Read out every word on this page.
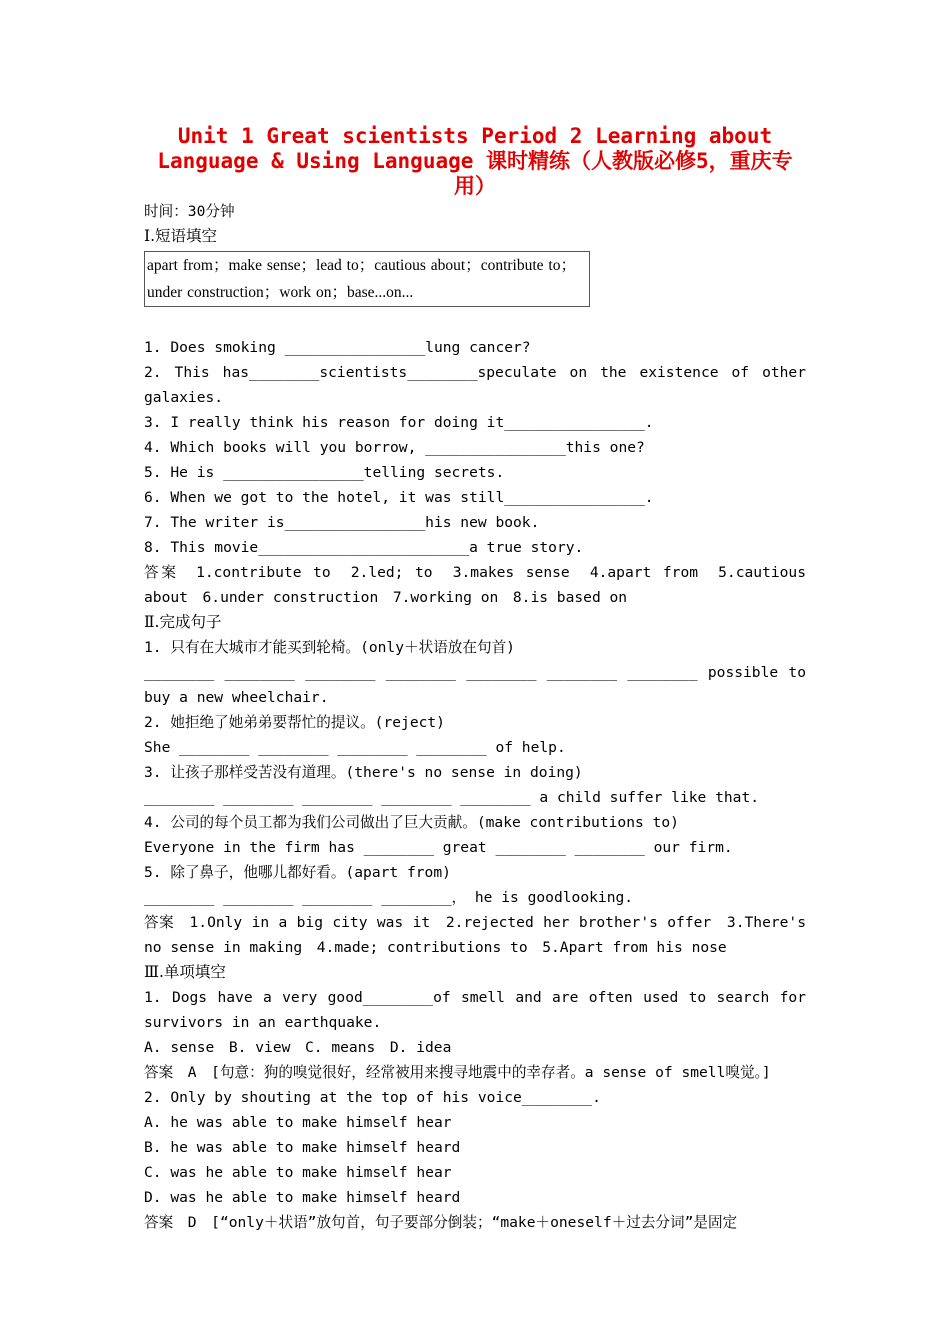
Unit 1 Great scientists Period 2 Learning about Language & Using Language 课时精练（人教版必修5，重庆专用）

时间：30分钟

Ⅰ.短语填空

apart from；make sense；lead to；cautious about；contribute to；under construction；work on；base...on...

1. Does smoking ________________lung cancer?

2. This has________scientists________speculate on the existence of other galaxies.

3. I really think his reason for doing it________________.

4. Which books will you borrow, ________________this one?

5. He is ________________telling secrets.

6. When we got to the hotel, it was still________________.

7. The writer is________________his new book.

8. This movie________________________a true story.

答案　1.contribute to　2.led; to　3.makes sense　4.apart from　5.cautious about　6.under construction　7.working on　8.is based on

Ⅱ.完成句子

1. 只有在大城市才能买到轮椅。(only＋状语放在句首)

________ ________ ________ ________ ________ ________ ________ possible to buy a new wheelchair.

2. 她拒绝了她弟弟要帮忙的提议。(reject)

She ________ ________ ________ ________ of help.

3. 让孩子那样受苦没有道理。(there's no sense in doing)

________ ________ ________ ________ ________ a child suffer like that.

4. 公司的每个员工都为我们公司做出了巨大贡献。(make contributions to)

Everyone in the firm has ________ great ________ ________ our firm.

5. 除了鼻子，他哪儿都好看。(apart from)

________ ________ ________ ________， he is goodlooking.

答案　1.Only in a big city was it　2.rejected her brother's offer　3.There's no sense in making　4.made; contributions to　5.Apart from his nose

Ⅲ.单项填空

1. Dogs have a very good________of smell and are often used to search for survivors in an earthquake.

A. sense　B. view　C. means　D. idea

答案　A　[句意：狗的嗅觉很好，经常被用来搜寻地震中的幸存者。a sense of smell嗅觉。]

2. Only by shouting at the top of his voice________.

A. he was able to make himself hear

B. he was able to make himself heard

C. was he able to make himself hear

D. was he able to make himself heard

答案　D　[“only＋状语”放句首，句子要部分倒装；“make＋oneself＋过去分词”是固定
